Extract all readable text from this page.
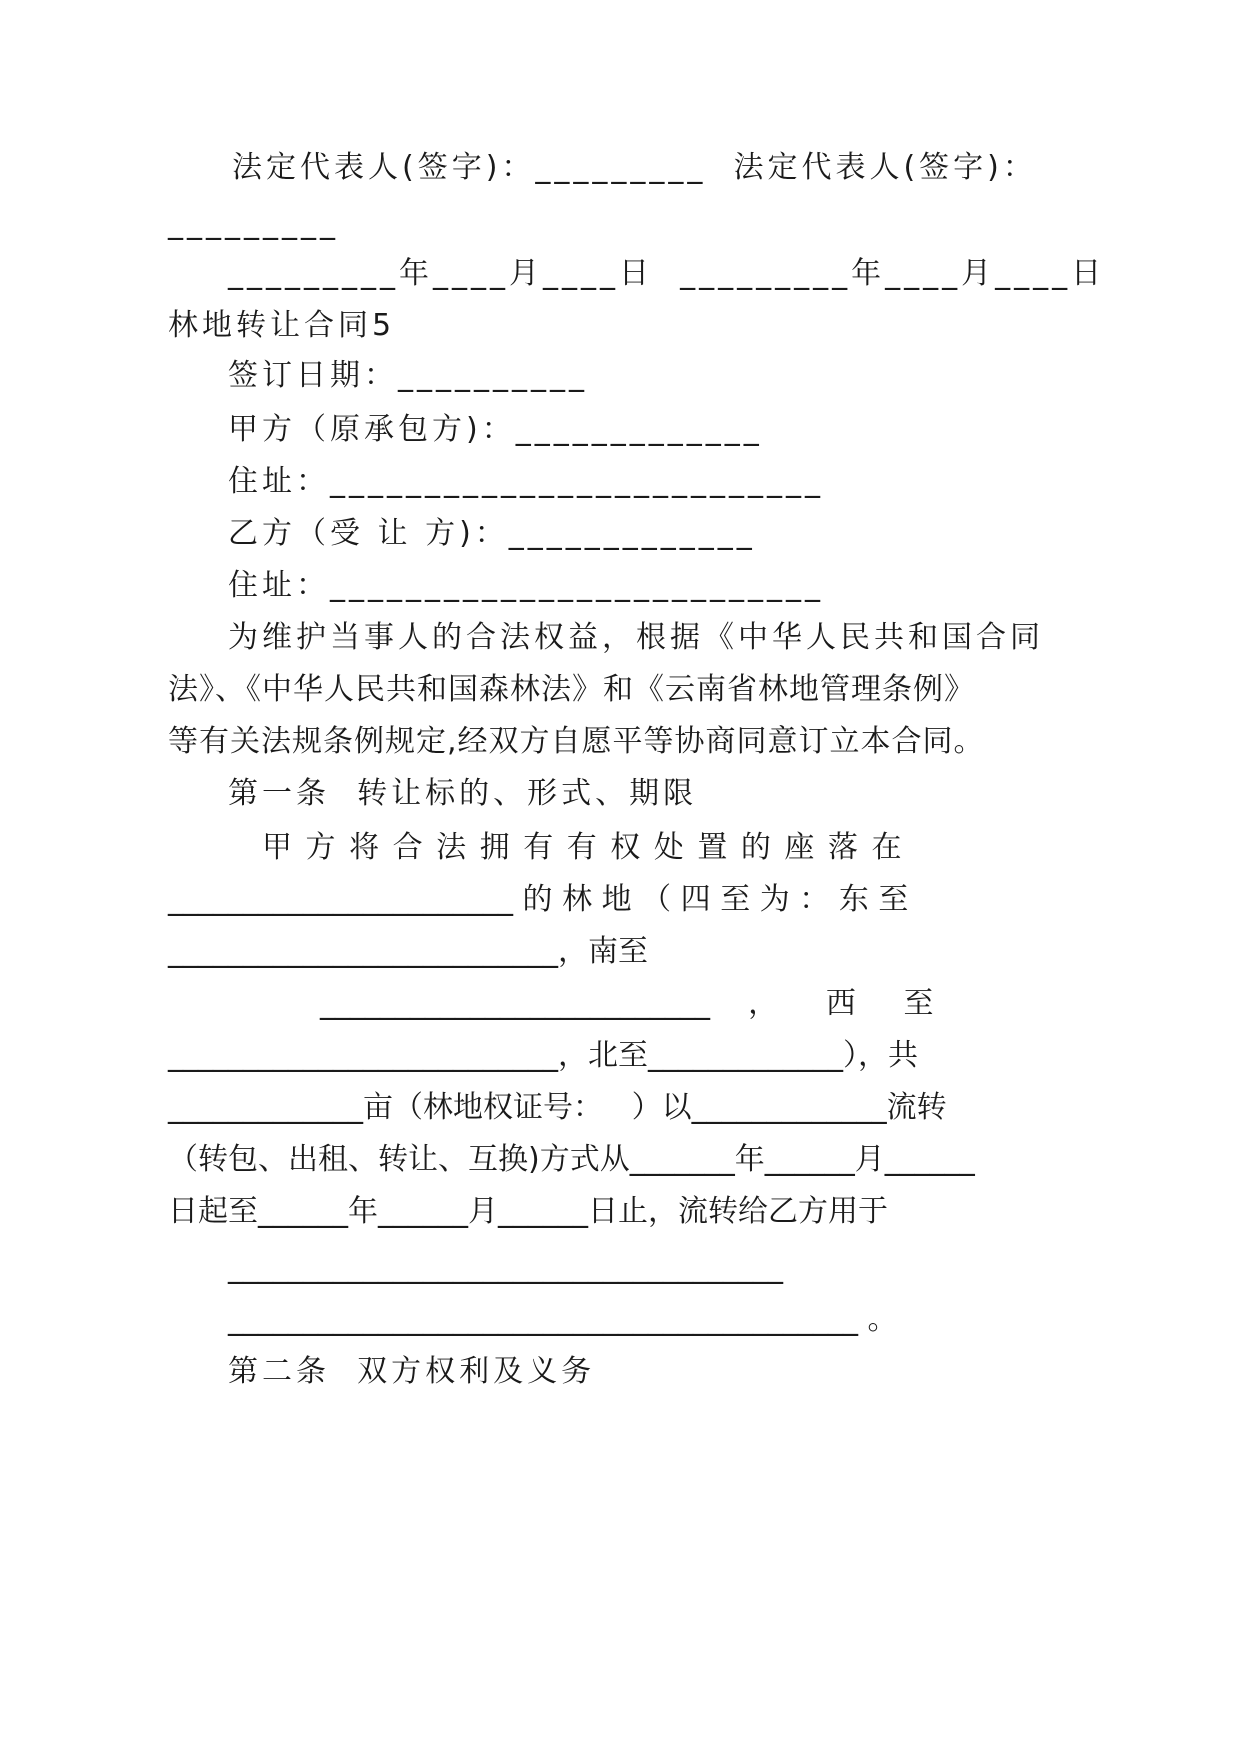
法定代表人(签字)：_________  法定代表人(签字)：
_________
_________年____月____日  _________年____月____日
林地转让合同5
签订日期：__________
甲方（原承包方)：_____________
住址：__________________________
乙方（受 让 方)：_____________
住址：__________________________
为维护当事人的合法权益，根据《中华人民共和国合同
法》、《中华人民共和国森林法》和《云南省林地管理条例》
等有关法规条例规定,经双方自愿平等协商同意订立本合同。
第一条  转让标的、形式、期限
甲 方 将 合 法 拥 有 有 权 处 置 的 座 落 在
_______________________ 的 林 地 （ 四 至 为 ： 东 至
__________________________，南至
__________________________    ，     西     至
__________________________，北至_____________），共
_____________亩（林地权证号：   ）以_____________流转
（转包、出租、转让、互换)方式从_______年______月______
日起至______年______月______日止，流转给乙方用于
_____________________________________
__________________________________________ 。
第二条  双方权利及义务
